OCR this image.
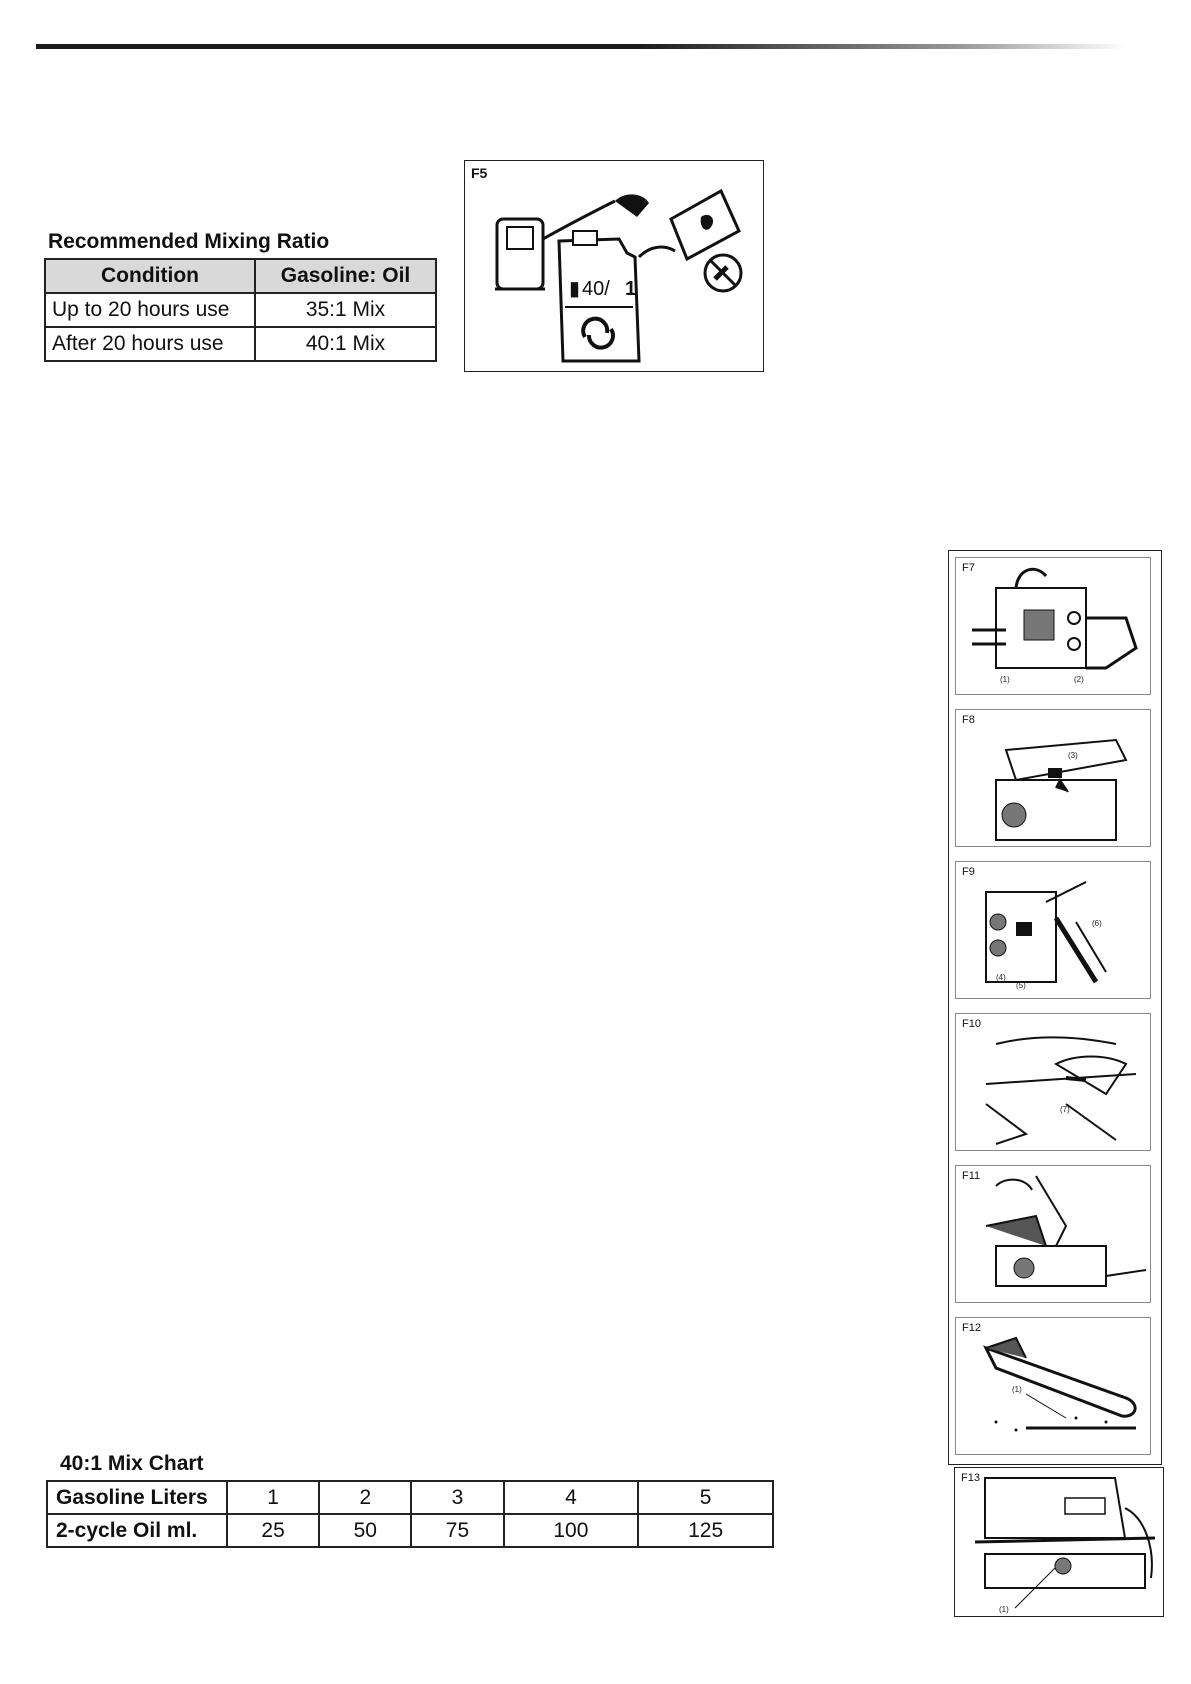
Recommended Mixing Ratio
Condition	Gasoline: Oil
Up to 20 hours use	35:1 Mix
After 20 hours use	40:1 Mix
▮ 40/ 1
F5
(1)	(2)
F7
(3)
F8
(4)
(5)
(6)
F9
(7)
F10
F11
(1)
F12
(1)
F13
40:1 Mix Chart
Gasoline Liters	1	2	3	4	5
2-cycle Oil ml.	25	50	75	100	125
